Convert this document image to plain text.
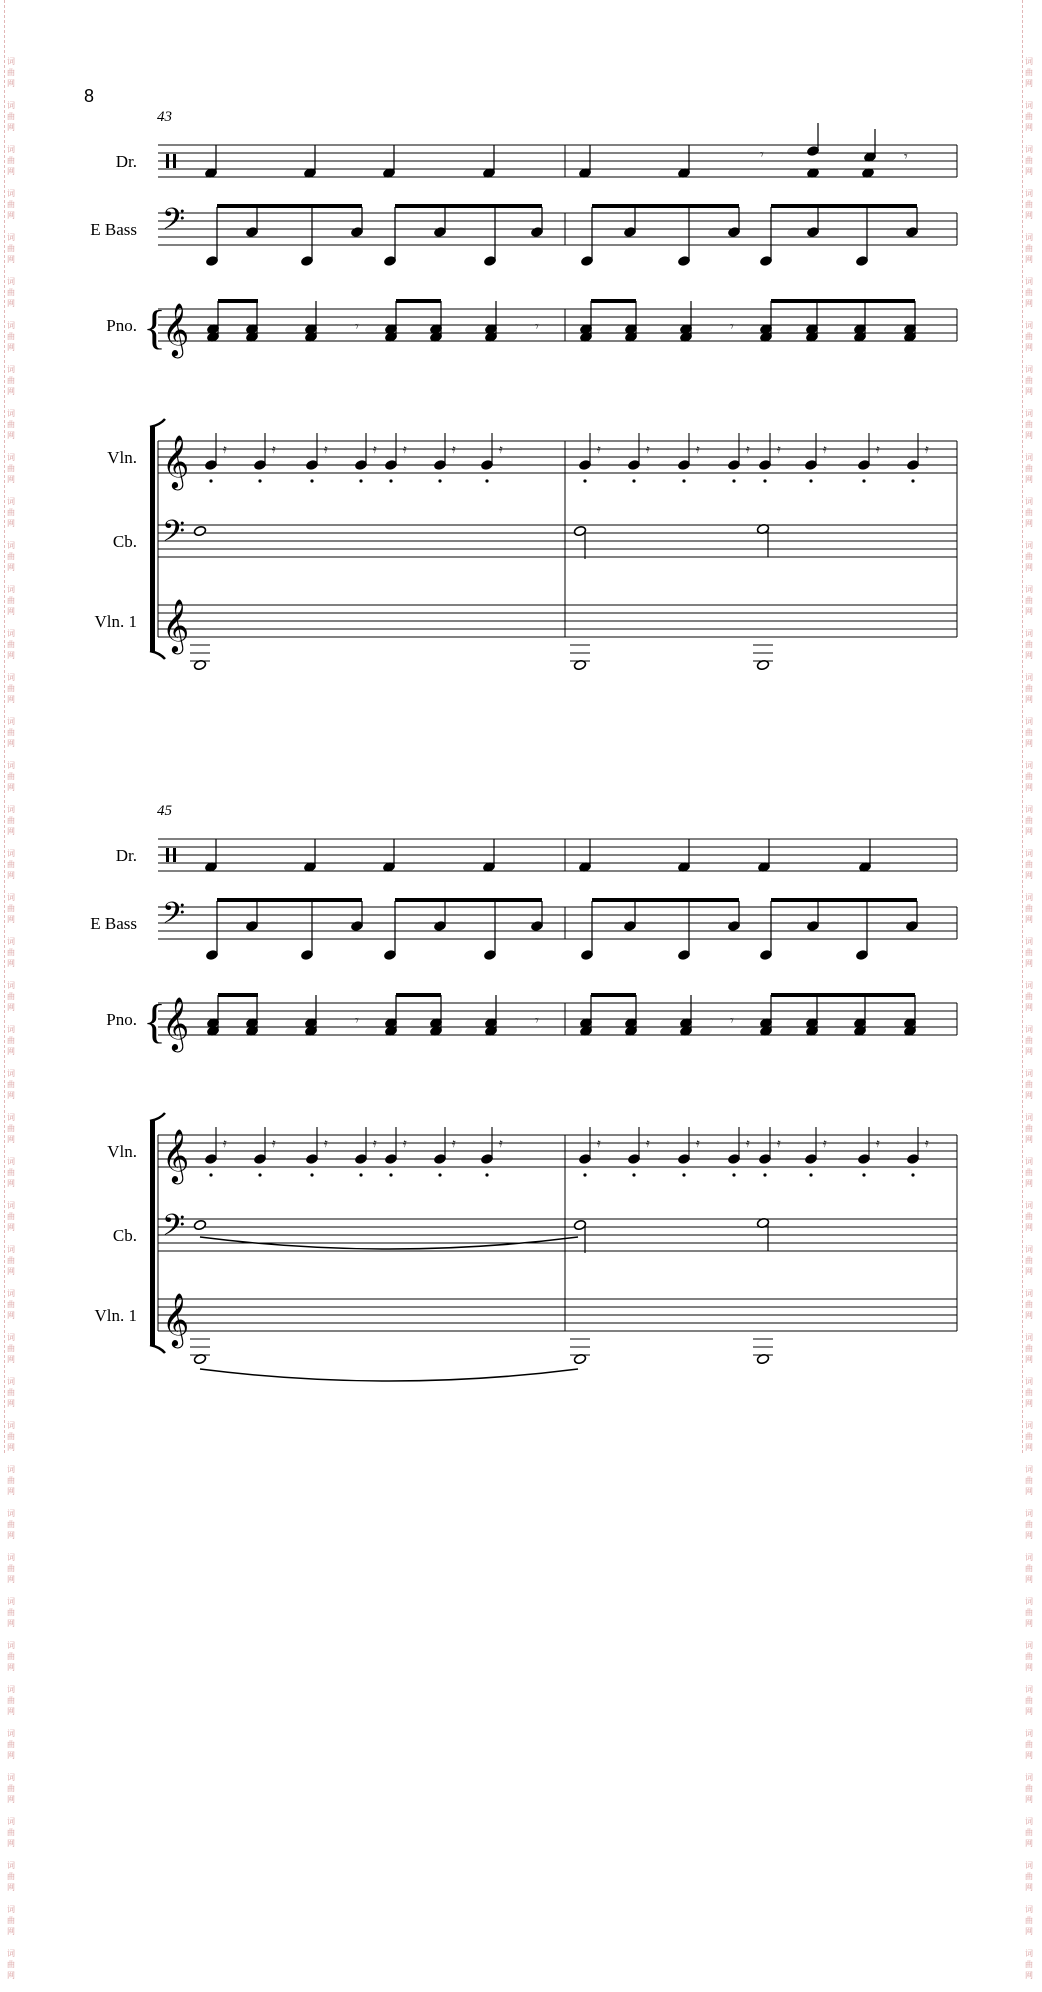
8
词
曲
网

词
曲
网

词
曲
网

词
曲
网

词
曲
网

词
曲
网

词
曲
网

词
曲
网

词
曲
网

词
曲
网

词
曲
网

词
曲
网

词
曲
网

词
曲
网

词
曲
网

词
曲
网

词
曲
网

词
曲
网

词
曲
网

词
曲
网

词
曲
网

词
曲
网

词
曲
网

词
曲
网

词
曲
网

词
曲
网

词
曲
网

词
曲
网

词
曲
网

词
曲
网

词
曲
网

词
曲
网

词
曲
网

词
曲
网

词
曲
网

词
曲
网

词
曲
网

词
曲
网

词
曲
网

词
曲
网

词
曲
网

词
曲
网

词
曲
网

词
曲
网

词
曲
网

词
曲
网

词
曲
网

词
曲
网

词
曲
网

词
曲
网

词
曲
网

词
曲
网

词
曲
网

词
曲
网

词
曲
网

词
曲
网

词
曲
网

词
曲
网

词
曲
网

词
曲
网

词
曲
网

词
曲
网

词
曲
网

词
曲
网

词
曲
网

词
曲
网

词
曲
网

词
曲
网

词
曲
网

词
曲
网

词
曲
网

词
曲
网

词
曲
网

词
曲
网

词
曲
网

词
曲
网

词
曲
网

词
曲
网

词
曲
网

词
曲
网

词
曲
网

词
曲
网

词
曲
网

词
曲
网

词
曲
网

词
曲
网

词
曲
网

词
曲
网

43
Dr.	𝄾	𝄾
𝄢
E Bass
𝄞
Pno.	𝄾	𝄾	𝄾
𝄞
Vln.	𝄿	𝄿	𝄿	𝄿 𝄿	𝄿	𝄿	𝄿	𝄿	𝄿	𝄿 𝄿	𝄿	𝄿	𝄿
𝄢
Cb.
𝄞
Vln. 1
{
45
Dr.
𝄢
E Bass
𝄞
Pno.	𝄾	𝄾	𝄾
𝄞
Vln.	𝄿	𝄿	𝄿	𝄿 𝄿	𝄿	𝄿	𝄿	𝄿	𝄿	𝄿 𝄿	𝄿	𝄿	𝄿
𝄢
Cb.
𝄞
Vln. 1
{
